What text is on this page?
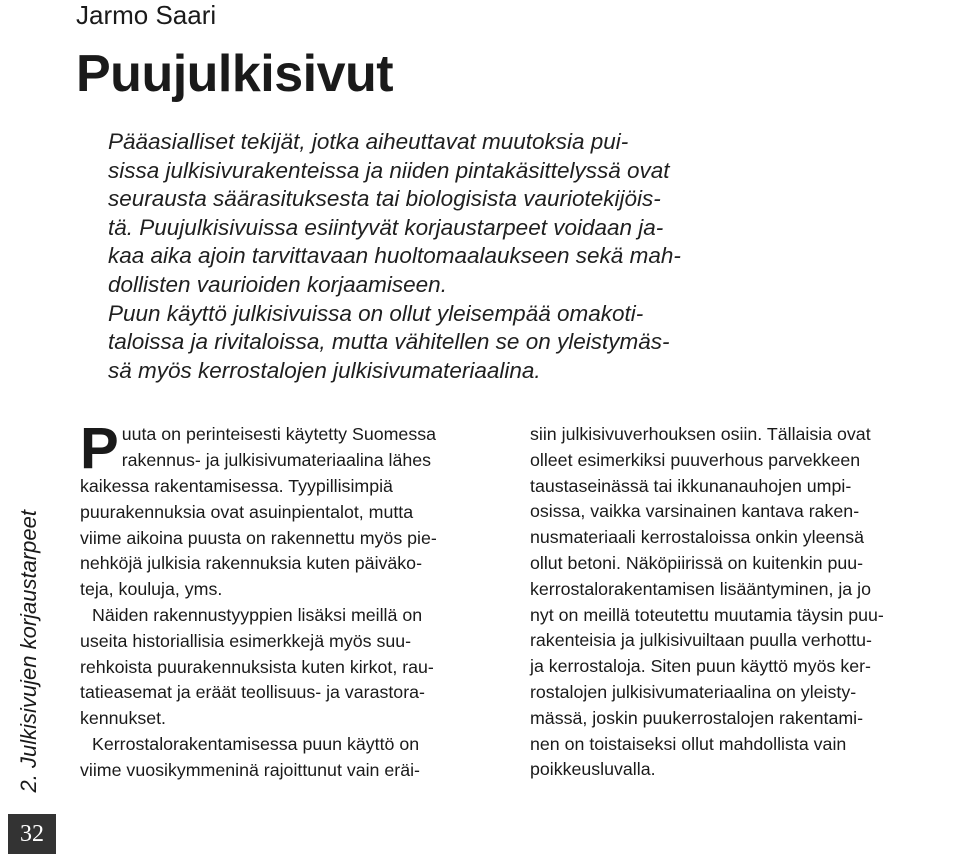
Jarmo Saari
Puujulkisivut
Pääasialliset tekijät, jotka aiheuttavat muutoksia pui-
sissa julkisivurakenteissa ja niiden pintakäsittelyssä ovat
seurausta säärasituksesta tai biologisista vauriotekijöis-
tä. Puujulkisivuissa esiintyvät korjaustarpeet voidaan ja-
kaa aika ajoin tarvittavaan huoltomaalaukseen sekä mah-
dollisten vaurioiden korjaamiseen.
Puun käyttö julkisivuissa on ollut yleisempää omakoti-
taloissa ja rivitaloissa, mutta vähitellen se on yleistymäs-
sä myös kerrostalojen julkisivumateriaalina.
2. Julkisivujen korjaustarpeet
P uuta on perinteisesti käytetty Suomessa
rakennus- ja julkisivumateriaalina lähes
kaikessa rakentamisessa. Tyypillisimpiä
puurakennuksia ovat asuinpientalot, mutta
viime aikoina puusta on rakennettu myös pie-
nehköjä julkisia rakennuksia kuten päiväko-
teja, kouluja, yms.
Näiden rakennustyyppien lisäksi meillä on
useita historiallisia esimerkkejä myös suu-
rehkoista puurakennuksista kuten kirkot, rau-
tatieasemat ja eräät teollisuus- ja varastora-
kennukset.
Kerrostalorakentamisessa puun käyttö on
viime vuosikymmeninä rajoittunut vain eräi-
siin julkisivuverhouksen osiin. Tällaisia ovat
olleet esimerkiksi puuverhous parvekkeen
taustaseinässä tai ikkunanauhojen umpi-
osissa, vaikka varsinainen kantava raken-
nusmateriaali kerrostaloissa onkin yleensä
ollut betoni. Näköpiirissä on kuitenkin puu-
kerrostalorakentamisen lisääntyminen, ja jo
nyt on meillä toteutettu muutamia täysin puu-
rakenteisia ja julkisivuiltaan puulla verhottu-
ja kerrostaloja. Siten puun käyttö myös ker-
rostalojen julkisivumateriaalina on yleisty-
mässä, joskin puukerrostalojen rakentami-
nen on toistaiseksi ollut mahdollista vain
poikkeusluvalla.
32
